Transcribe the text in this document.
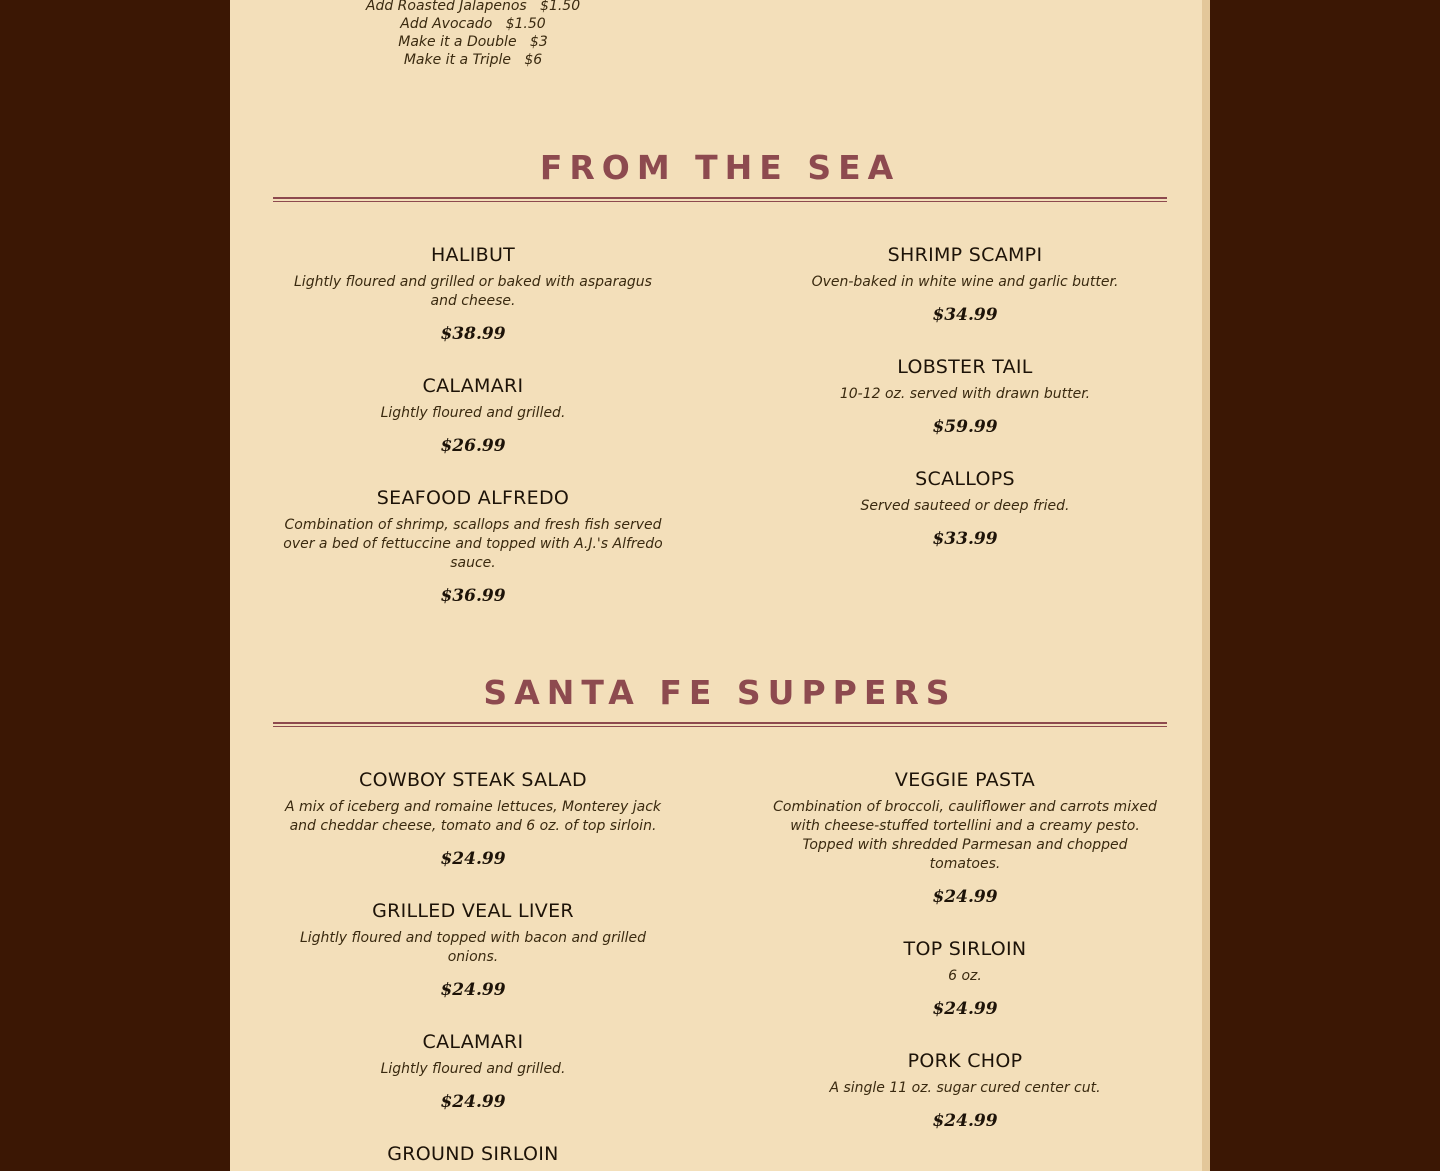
Add Roasted Jalapenos   $1.50
Add Avocado   $1.50
Make it a Double   $3
Make it a Triple   $6
FROM THE SEA
HALIBUT
Lightly floured and grilled or baked with asparagus and cheese.
$38.99
CALAMARI
Lightly floured and grilled.
$26.99
SEAFOOD ALFREDO
Combination of shrimp, scallops and fresh fish served over a bed of fettuccine and topped with A.J.'s Alfredo sauce.
$36.99
SHRIMP SCAMPI
Oven-baked in white wine and garlic butter.
$34.99
LOBSTER TAIL
10-12 oz. served with drawn butter.
$59.99
SCALLOPS
Served sauteed or deep fried.
$33.99
SANTA FE SUPPERS
COWBOY STEAK SALAD
A mix of iceberg and romaine lettuces, Monterey jack and cheddar cheese, tomato and 6 oz. of top sirloin.
$24.99
GRILLED VEAL LIVER
Lightly floured and topped with bacon and grilled onions.
$24.99
CALAMARI
Lightly floured and grilled.
$24.99
GROUND SIRLOIN
VEGGIE PASTA
Combination of broccoli, cauliflower and carrots mixed with cheese-stuffed tortellini and a creamy pesto. Topped with shredded Parmesan and chopped tomatoes.
$24.99
TOP SIRLOIN
6 oz.
$24.99
PORK CHOP
A single 11 oz. sugar cured center cut.
$24.99
